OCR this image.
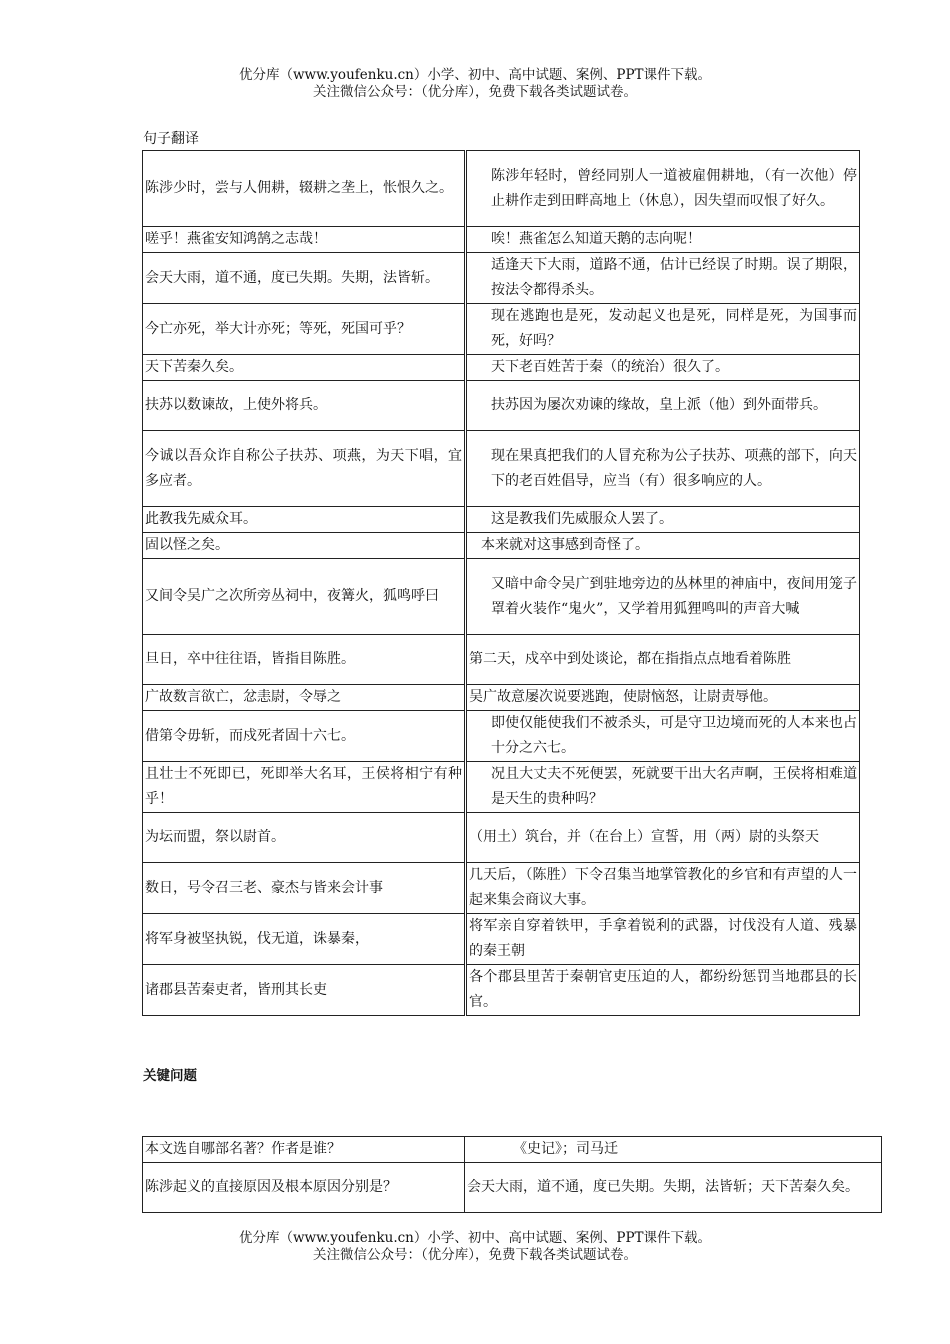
优分库（www.youfenku.cn）小学、初中、高中试题、案例、PPT课件下载。
关注微信公众号：（优分库），免费下载各类试题试卷。
句子翻译
陈涉少时，尝与人佣耕，辍耕之垄上，怅恨久之。	陈涉年轻时，曾经同别人一道被雇佣耕地，（有一次他）停止耕作走到田畔高地上（休息），因失望而叹恨了好久。
嗟乎！燕雀安知鸿鹄之志哉！	唉！燕雀怎么知道天鹅的志向呢！
会天大雨，道不通，度已失期。失期，法皆斩。	适逢天下大雨，道路不通，估计已经误了时期。误了期限，按法令都得杀头。
今亡亦死，举大计亦死；等死，死国可乎？	现在逃跑也是死，发动起义也是死，同样是死，为国事而死，好吗？
天下苦秦久矣。	天下老百姓苦于秦（的统治）很久了。
扶苏以数谏故，上使外将兵。	扶苏因为屡次劝谏的缘故，皇上派（他）到外面带兵。
今诚以吾众诈自称公子扶苏、项燕，为天下唱，宜多应者。	现在果真把我们的人冒充称为公子扶苏、项燕的部下，向天下的老百姓倡导，应当（有）很多响应的人。
此教我先威众耳。	这是教我们先威服众人罢了。
固以怪之矣。	本来就对这事感到奇怪了。
又间令吴广之次所旁丛祠中，夜篝火，狐鸣呼曰	又暗中命令吴广到驻地旁边的丛林里的神庙中，夜间用笼子罩着火装作“鬼火”，又学着用狐狸鸣叫的声音大喊
旦日，卒中往往语，皆指目陈胜。	第二天，戍卒中到处谈论，都在指指点点地看着陈胜
广故数言欲亡，忿恚尉，令辱之	吴广故意屡次说要逃跑，使尉恼怒，让尉责辱他。
借第令毋斩，而戍死者固十六七。	即使仅能使我们不被杀头，可是守卫边境而死的人本来也占十分之六七。
且壮士不死即已，死即举大名耳，王侯将相宁有种乎！	况且大丈夫不死便罢，死就要干出大名声啊，王侯将相难道是天生的贵种吗？
为坛而盟，祭以尉首。	（用土）筑台，并（在台上）宣誓，用（两）尉的头祭天
数日，号令召三老、豪杰与皆来会计事	几天后，（陈胜）下令召集当地掌管教化的乡官和有声望的人一起来集会商议大事。
将军身被坚执锐，伐无道，诛暴秦，	将军亲自穿着铁甲，手拿着锐利的武器，讨伐没有人道、残暴的秦王朝
诸郡县苦秦吏者，皆刑其长吏	各个郡县里苦于秦朝官吏压迫的人，都纷纷惩罚当地郡县的长官。
关键问题
本文选自哪部名著？作者是谁？	《史记》；司马迁
陈涉起义的直接原因及根本原因分别是？	会天大雨，道不通，度已失期。失期，法皆斩；天下苦秦久矣。
优分库（www.youfenku.cn）小学、初中、高中试题、案例、PPT课件下载。
关注微信公众号：（优分库），免费下载各类试题试卷。
